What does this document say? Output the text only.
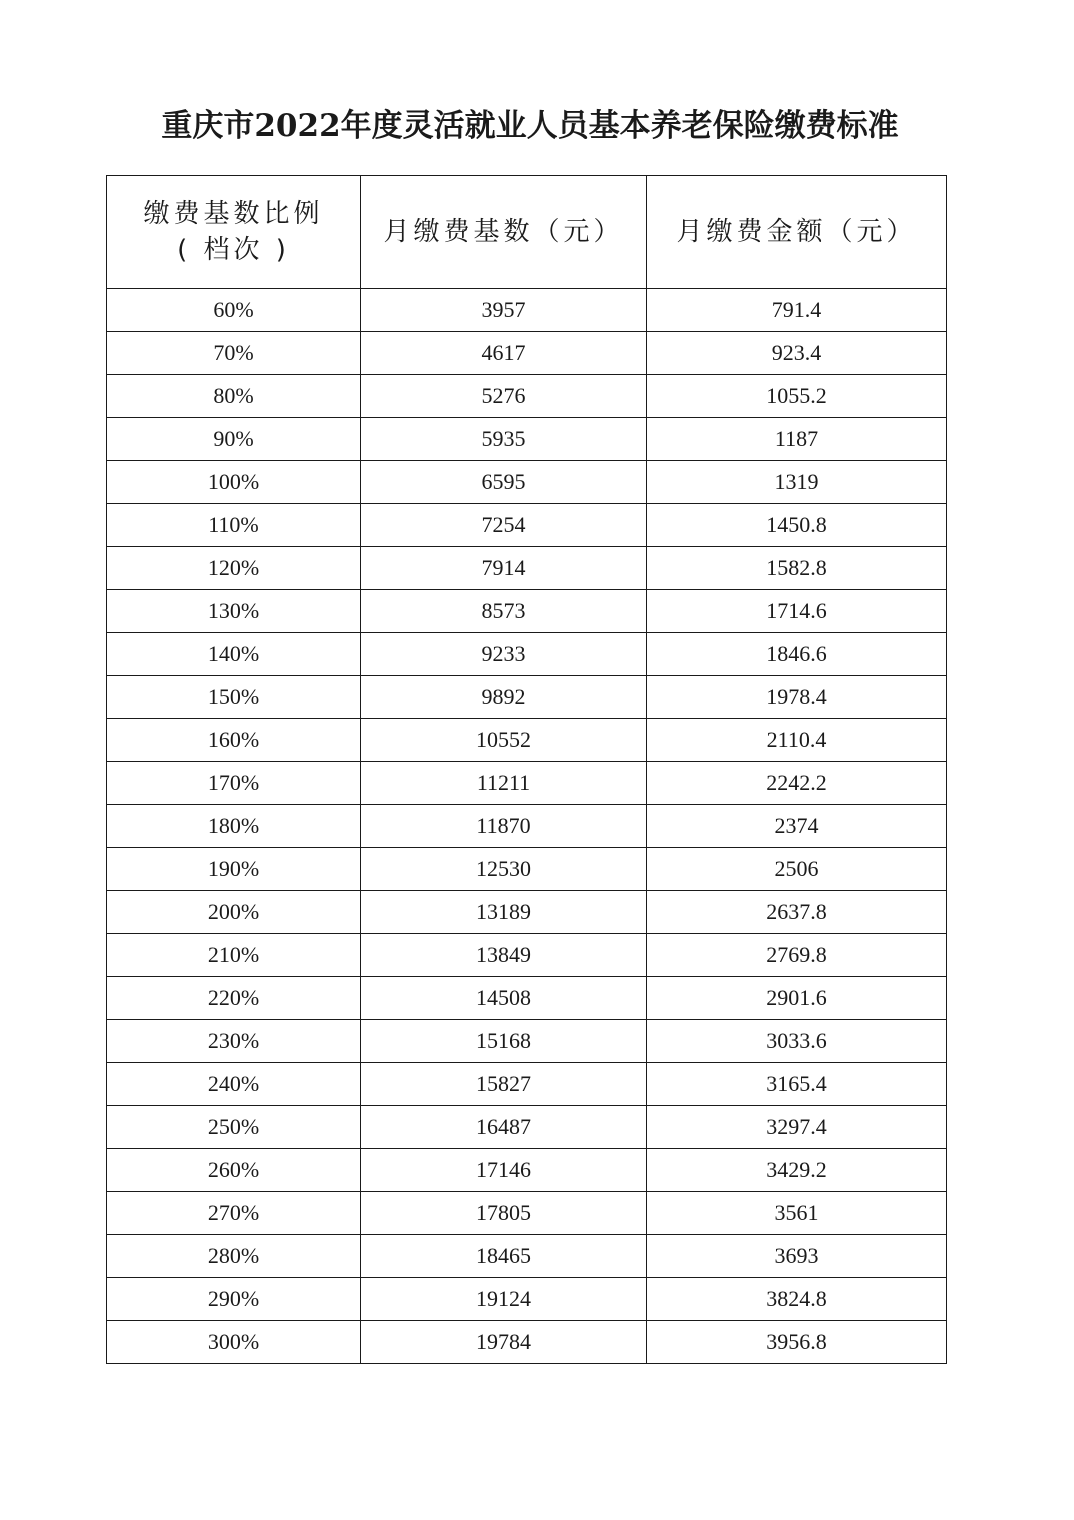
重庆市2022年度灵活就业人员基本养老保险缴费标准
缴费基数比例
( 档次 )	月缴费基数（元）	月缴费金额（元）
60%	3957	791.4
70%	4617	923.4
80%	5276	1055.2
90%	5935	1187
100%	6595	1319
110%	7254	1450.8
120%	7914	1582.8
130%	8573	1714.6
140%	9233	1846.6
150%	9892	1978.4
160%	10552	2110.4
170%	11211	2242.2
180%	11870	2374
190%	12530	2506
200%	13189	2637.8
210%	13849	2769.8
220%	14508	2901.6
230%	15168	3033.6
240%	15827	3165.4
250%	16487	3297.4
260%	17146	3429.2
270%	17805	3561
280%	18465	3693
290%	19124	3824.8
300%	19784	3956.8
